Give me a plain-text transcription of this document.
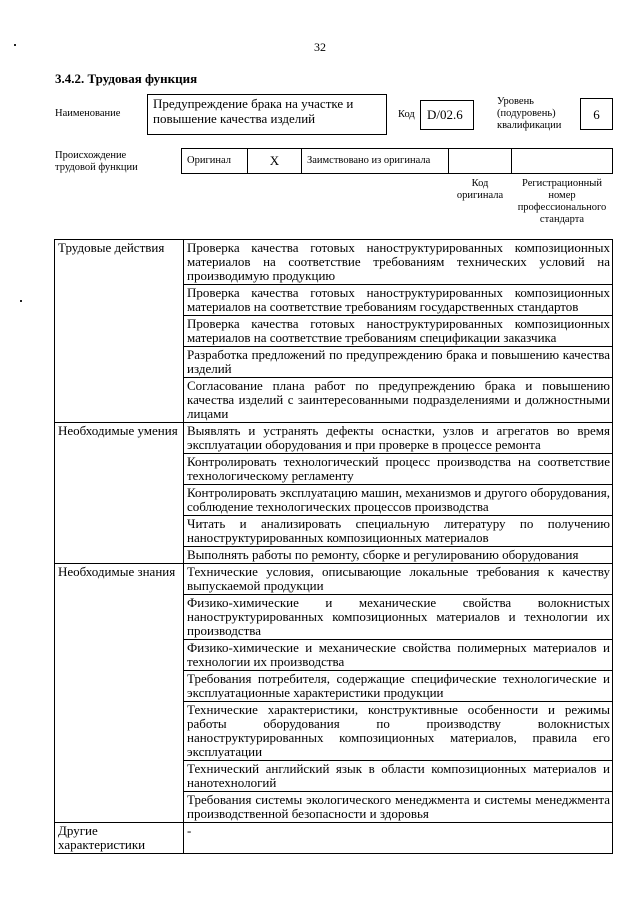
32
3.4.2. Трудовая функция
Наименование
Предупреждение брака на участке и повышение качества изделий	Код D/02.6
Уровень (подуровень) квалификации
6
Происхождение трудовой функции
Оригинал	X	Заимствовано из оригинала
Код оригинала
Регистрационный номер профессионального стандарта
Трудовые действия	Проверка качества готовых наноструктурированных композиционных материалов на соответствие требованиям технических условий на производимую продукцию
	Проверка качества готовых наноструктурированных композиционных материалов на соответствие требованиям государственных стандартов
	Проверка качества готовых наноструктурированных композиционных материалов на соответствие требованиям спецификации заказчика
	Разработка предложений по предупреждению брака и повышению качества изделий
	Согласование плана работ по предупреждению брака и повышению качества изделий с заинтересованными подразделениями и должностными лицами
Необходимые умения	Выявлять и устранять дефекты оснастки, узлов и агрегатов во время эксплуатации оборудования и при проверке в процессе ремонта
	Контролировать технологический процесс производства на соответствие технологическому регламенту
	Контролировать эксплуатацию машин, механизмов и другого оборудования, соблюдение технологических процессов производства
	Читать и анализировать специальную литературу по получению наноструктурированных композиционных материалов
	Выполнять работы по ремонту, сборке и регулированию оборудования
Необходимые знания	Технические условия, описывающие локальные требования к качеству выпускаемой продукции
	Физико-химические и механические свойства волокнистых наноструктурированных композиционных материалов и технологии их производства
	Физико-химические и механические свойства полимерных материалов и технологии их производства
	Требования потребителя, содержащие специфические технологические и эксплуатационные характеристики продукции
	Технические характеристики, конструктивные особенности и режимы работы оборудования по производству волокнистых наноструктурированных композиционных материалов, правила его эксплуатации
	Технический английский язык в области композиционных материалов и нанотехнологий
	Требования системы экологического менеджмента и системы менеджмента производственной безопасности и здоровья
Другие характеристики	-
